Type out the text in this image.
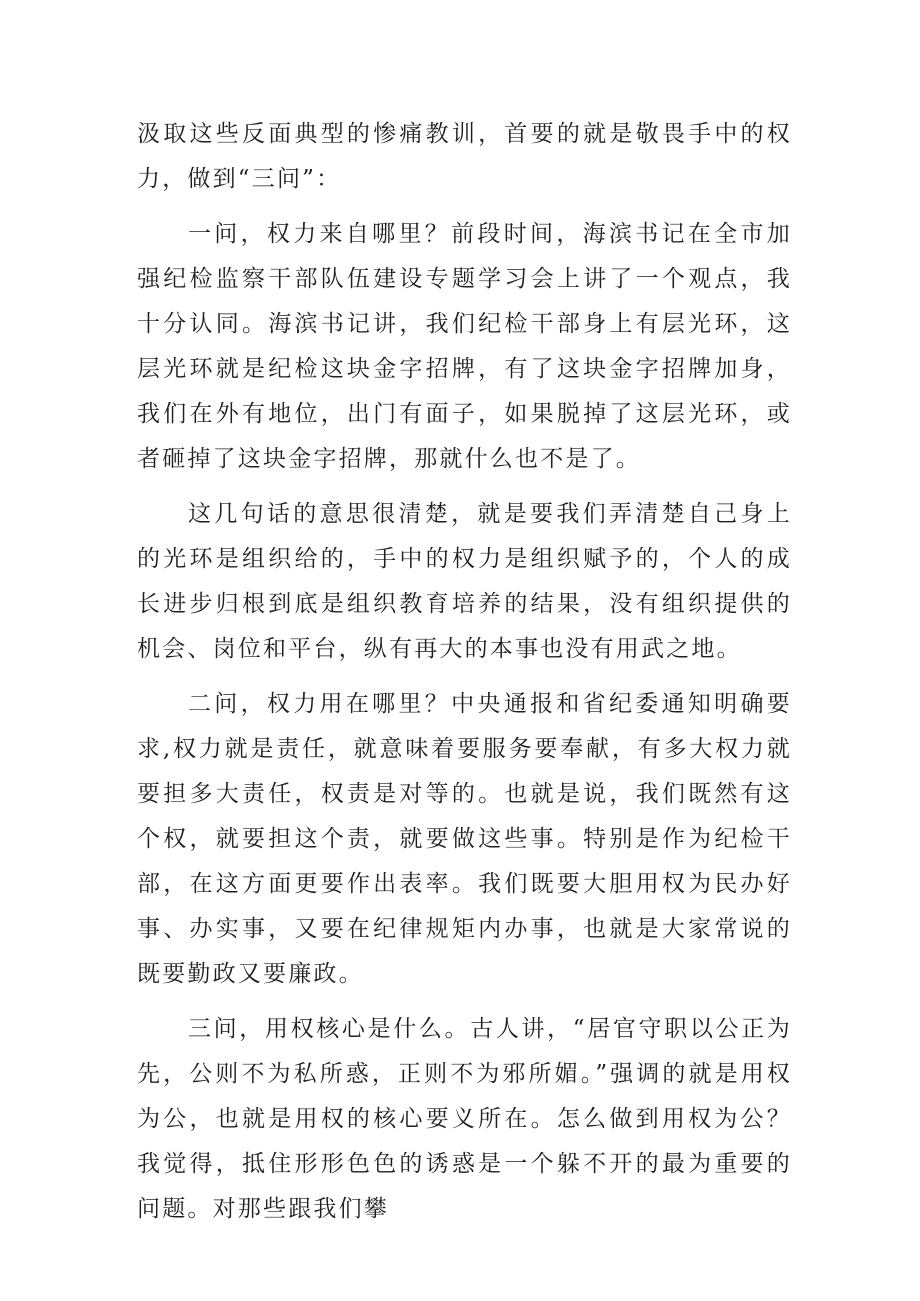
汲取这些反面典型的惨痛教训，首要的就是敬畏手中的权力，做到“三问”：

一问，权力来自哪里？前段时间，海滨书记在全市加强纪检监察干部队伍建设专题学习会上讲了一个观点，我十分认同。海滨书记讲，我们纪检干部身上有层光环，这层光环就是纪检这块金字招牌，有了这块金字招牌加身，我们在外有地位，出门有面子，如果脱掉了这层光环，或者砸掉了这块金字招牌，那就什么也不是了。

这几句话的意思很清楚，就是要我们弄清楚自己身上的光环是组织给的，手中的权力是组织赋予的，个人的成长进步归根到底是组织教育培养的结果，没有组织提供的机会、岗位和平台，纵有再大的本事也没有用武之地。

二问，权力用在哪里？中央通报和省纪委通知明确要求,权力就是责任，就意味着要服务要奉献，有多大权力就要担多大责任，权责是对等的。也就是说，我们既然有这个权，就要担这个责，就要做这些事。特别是作为纪检干部，在这方面更要作出表率。我们既要大胆用权为民办好事、办实事，又要在纪律规矩内办事，也就是大家常说的既要勤政又要廉政。

三问，用权核心是什么。古人讲，“居官守职以公正为先，公则不为私所惑，正则不为邪所媚。”强调的就是用权为公，也就是用权的核心要义所在。怎么做到用权为公？我觉得，抵住形形色色的诱惑是一个躲不开的最为重要的问题。对那些跟我们攀
